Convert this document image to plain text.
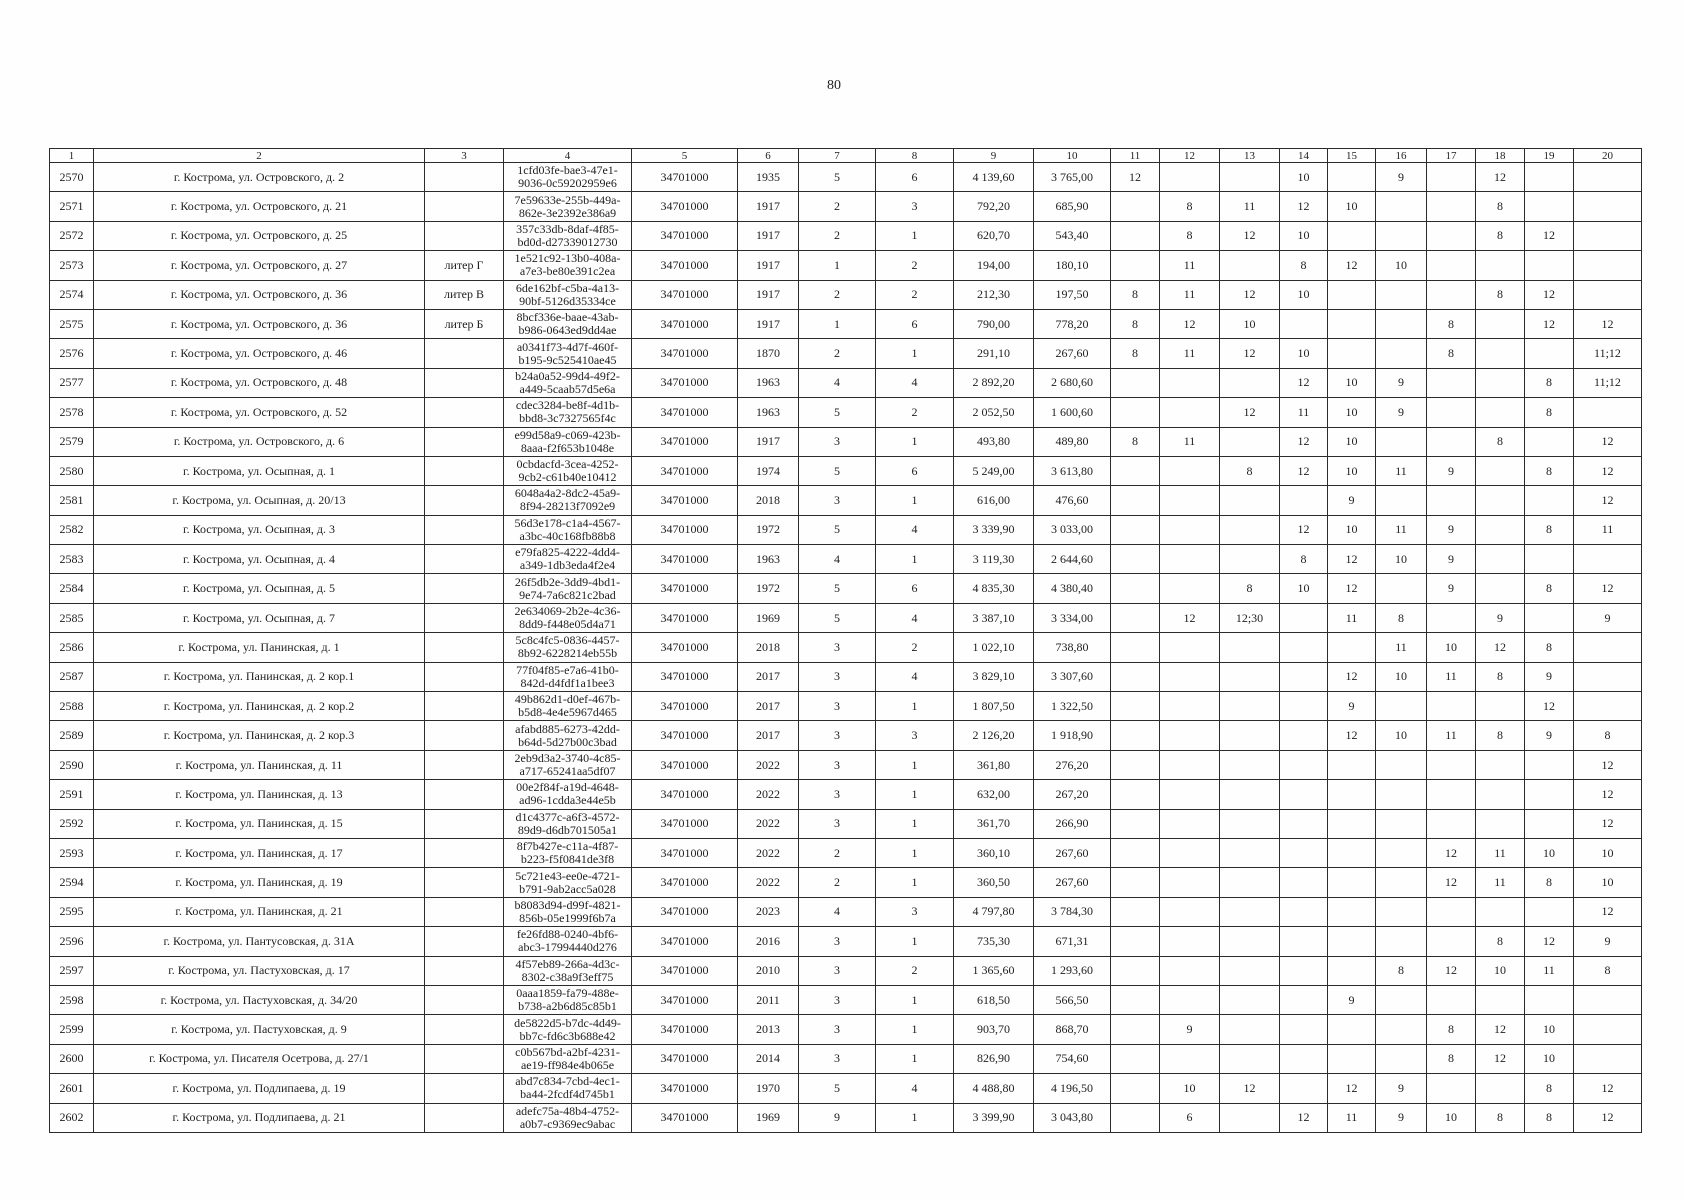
80
1	2	3	4	5	6	7	8	9	10	11	12	13	14	15	16	17	18	19	20
2570	г. Кострома, ул. Островского, д. 2		1cfd03fe-bae3-47e1-
9036-0c59202959e6	34701000	1935	5	6	4 139,60	3 765,00	12			10		9		12		
2571	г. Кострома, ул. Островского, д. 21		7e59633e-255b-449a-
862e-3e2392e386a9	34701000	1917	2	3	792,20	685,90		8	11	12	10			8		
2572	г. Кострома, ул. Островского, д. 25		357c33db-8daf-4f85-
bd0d-d27339012730	34701000	1917	2	1	620,70	543,40		8	12	10				8	12	
2573	г. Кострома, ул. Островского, д. 27	литер Г	1e521c92-13b0-408a-
a7e3-be80e391c2ea	34701000	1917	1	2	194,00	180,10		11		8	12	10				
2574	г. Кострома, ул. Островского, д. 36	литер В	6de162bf-c5ba-4a13-
90bf-5126d35334ce	34701000	1917	2	2	212,30	197,50	8	11	12	10				8	12	
2575	г. Кострома, ул. Островского, д. 36	литер Б	8bcf336e-baae-43ab-
b986-0643ed9dd4ae	34701000	1917	1	6	790,00	778,20	8	12	10				8		12	12
2576	г. Кострома, ул. Островского, д. 46		a0341f73-4d7f-460f-
b195-9c525410ae45	34701000	1870	2	1	291,10	267,60	8	11	12	10			8			11;12
2577	г. Кострома, ул. Островского, д. 48		b24a0a52-99d4-49f2-
a449-5caab57d5e6a	34701000	1963	4	4	2 892,20	2 680,60				12	10	9			8	11;12
2578	г. Кострома, ул. Островского, д. 52		cdec3284-be8f-4d1b-
bbd8-3c7327565f4c	34701000	1963	5	2	2 052,50	1 600,60			12	11	10	9			8	
2579	г. Кострома, ул. Островского, д. 6		e99d58a9-c069-423b-
8aaa-f2f653b1048e	34701000	1917	3	1	493,80	489,80	8	11		12	10			8		12
2580	г. Кострома, ул. Осыпная, д. 1		0cbdacfd-3cea-4252-
9cb2-c61b40e10412	34701000	1974	5	6	5 249,00	3 613,80			8	12	10	11	9		8	12
2581	г. Кострома, ул. Осыпная, д. 20/13		6048a4a2-8dc2-45a9-
8f94-28213f7092e9	34701000	2018	3	1	616,00	476,60					9					12
2582	г. Кострома, ул. Осыпная, д. 3		56d3e178-c1a4-4567-
a3bc-40c168fb88b8	34701000	1972	5	4	3 339,90	3 033,00				12	10	11	9		8	11
2583	г. Кострома, ул. Осыпная, д. 4		e79fa825-4222-4dd4-
a349-1db3eda4f2e4	34701000	1963	4	1	3 119,30	2 644,60				8	12	10	9			
2584	г. Кострома, ул. Осыпная, д. 5		26f5db2e-3dd9-4bd1-
9e74-7a6c821c2bad	34701000	1972	5	6	4 835,30	4 380,40			8	10	12		9		8	12
2585	г. Кострома, ул. Осыпная, д. 7		2e634069-2b2e-4c36-
8dd9-f448e05d4a71	34701000	1969	5	4	3 387,10	3 334,00		12	12;30		11	8		9		9
2586	г. Кострома, ул. Панинская, д. 1		5c8c4fc5-0836-4457-
8b92-6228214eb55b	34701000	2018	3	2	1 022,10	738,80						11	10	12	8	
2587	г. Кострома, ул. Панинская, д. 2 кор.1		77f04f85-e7a6-41b0-
842d-d4fdf1a1bee3	34701000	2017	3	4	3 829,10	3 307,60					12	10	11	8	9	
2588	г. Кострома, ул. Панинская, д. 2 кор.2		49b862d1-d0ef-467b-
b5d8-4e4e5967d465	34701000	2017	3	1	1 807,50	1 322,50					9				12	
2589	г. Кострома, ул. Панинская, д. 2 кор.3		afabd885-6273-42dd-
b64d-5d27b00c3bad	34701000	2017	3	3	2 126,20	1 918,90					12	10	11	8	9	8
2590	г. Кострома, ул. Панинская, д. 11		2eb9d3a2-3740-4c85-
a717-65241aa5df07	34701000	2022	3	1	361,80	276,20										12
2591	г. Кострома, ул. Панинская, д. 13		00e2f84f-a19d-4648-
ad96-1cdda3e44e5b	34701000	2022	3	1	632,00	267,20										12
2592	г. Кострома, ул. Панинская, д. 15		d1c4377c-a6f3-4572-
89d9-d6db701505a1	34701000	2022	3	1	361,70	266,90										12
2593	г. Кострома, ул. Панинская, д. 17		8f7b427e-c11a-4f87-
b223-f5f0841de3f8	34701000	2022	2	1	360,10	267,60							12	11	10	10
2594	г. Кострома, ул. Панинская, д. 19		5c721e43-ee0e-4721-
b791-9ab2acc5a028	34701000	2022	2	1	360,50	267,60							12	11	8	10
2595	г. Кострома, ул. Панинская, д. 21		b8083d94-d99f-4821-
856b-05e1999f6b7a	34701000	2023	4	3	4 797,80	3 784,30										12
2596	г. Кострома, ул. Пантусовская, д. 31А		fe26fd88-0240-4bf6-
abc3-17994440d276	34701000	2016	3	1	735,30	671,31								8	12	9
2597	г. Кострома, ул. Пастуховская, д. 17		4f57eb89-266a-4d3c-
8302-c38a9f3eff75	34701000	2010	3	2	1 365,60	1 293,60						8	12	10	11	8
2598	г. Кострома, ул. Пастуховская, д. 34/20		0aaa1859-fa79-488e-
b738-a2b6d85c85b1	34701000	2011	3	1	618,50	566,50					9					
2599	г. Кострома, ул. Пастуховская, д. 9		de5822d5-b7dc-4d49-
bb7c-fd6c3b688e42	34701000	2013	3	1	903,70	868,70		9					8	12	10	
2600	г. Кострома, ул. Писателя Осетрова, д. 27/1		c0b567bd-a2bf-4231-
ae19-ff984e4b065e	34701000	2014	3	1	826,90	754,60							8	12	10	
2601	г. Кострома, ул. Подлипаева, д. 19		abd7c834-7cbd-4ec1-
ba44-2fcdf4d745b1	34701000	1970	5	4	4 488,80	4 196,50		10	12		12	9			8	12
2602	г. Кострома, ул. Подлипаева, д. 21		adefc75a-48b4-4752-
a0b7-c9369ec9abac	34701000	1969	9	1	3 399,90	3 043,80		6		12	11	9	10	8	8	12
